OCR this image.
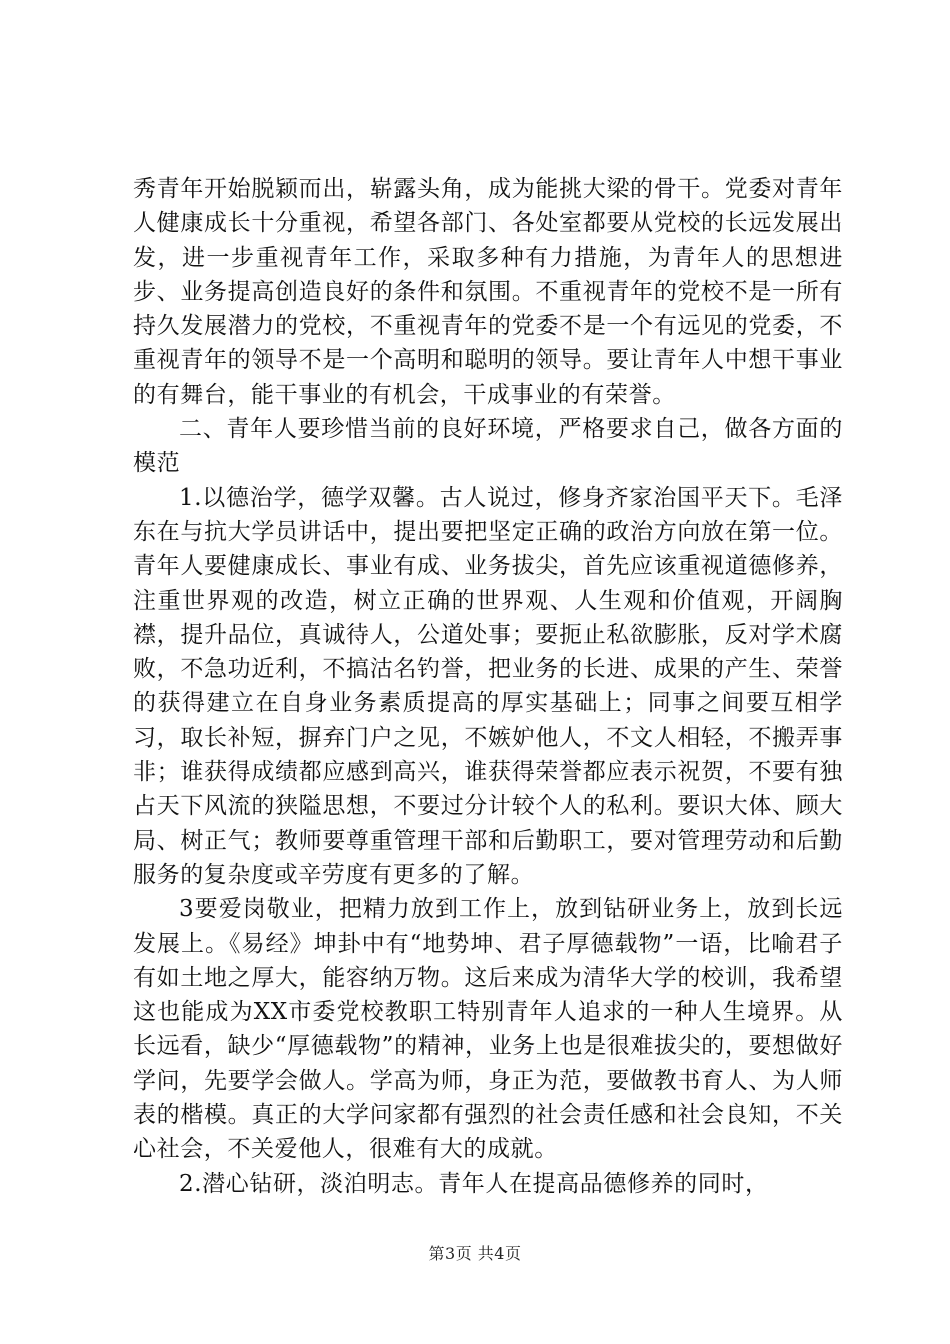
秀青年开始脱颖而出，崭露头角，成为能挑大梁的骨干。党委对青年人健康成长十分重视，希望各部门、各处室都要从党校的长远发展出发，进一步重视青年工作，采取多种有力措施，为青年人的思想进步、业务提高创造良好的条件和氛围。不重视青年的党校不是一所有持久发展潜力的党校，不重视青年的党委不是一个有远见的党委，不重视青年的领导不是一个高明和聪明的领导。要让青年人中想干事业的有舞台，能干事业的有机会，干成事业的有荣誉。

二、青年人要珍惜当前的良好环境，严格要求自己，做各方面的模范

1.以德治学，德学双馨。古人说过，修身齐家治国平天下。毛泽东在与抗大学员讲话中，提出要把坚定正确的政治方向放在第一位。青年人要健康成长、事业有成、业务拔尖，首先应该重视道德修养，注重世界观的改造，树立正确的世界观、人生观和价值观，开阔胸襟，提升品位，真诚待人，公道处事；要扼止私欲膨胀，反对学术腐败，不急功近利，不搞沽名钓誉，把业务的长进、成果的产生、荣誉的获得建立在自身业务素质提高的厚实基础上；同事之间要互相学习，取长补短，摒弃门户之见，不嫉妒他人，不文人相轻，不搬弄事非；谁获得成绩都应感到高兴，谁获得荣誉都应表示祝贺，不要有独占天下风流的狭隘思想，不要过分计较个人的私利。要识大体、顾大局、树正气；教师要尊重管理干部和后勤职工，要对管理劳动和后勤服务的复杂度或辛劳度有更多的了解。

3要爱岗敬业，把精力放到工作上，放到钻研业务上，放到长远发展上。《易经》坤卦中有“地势坤、君子厚德载物”一语，比喻君子有如土地之厚大，能容纳万物。这后来成为清华大学的校训，我希望这也能成为XX市委党校教职工特别青年人追求的一种人生境界。从长远看，缺少“厚德载物”的精神，业务上也是很难拔尖的，要想做好学问，先要学会做人。学高为师，身正为范，要做教书育人、为人师表的楷模。真正的大学问家都有强烈的社会责任感和社会良知，不关心社会，不关爱他人，很难有大的成就。

2.潜心钻研，淡泊明志。青年人在提高品德修养的同时，

第3页 共4页
